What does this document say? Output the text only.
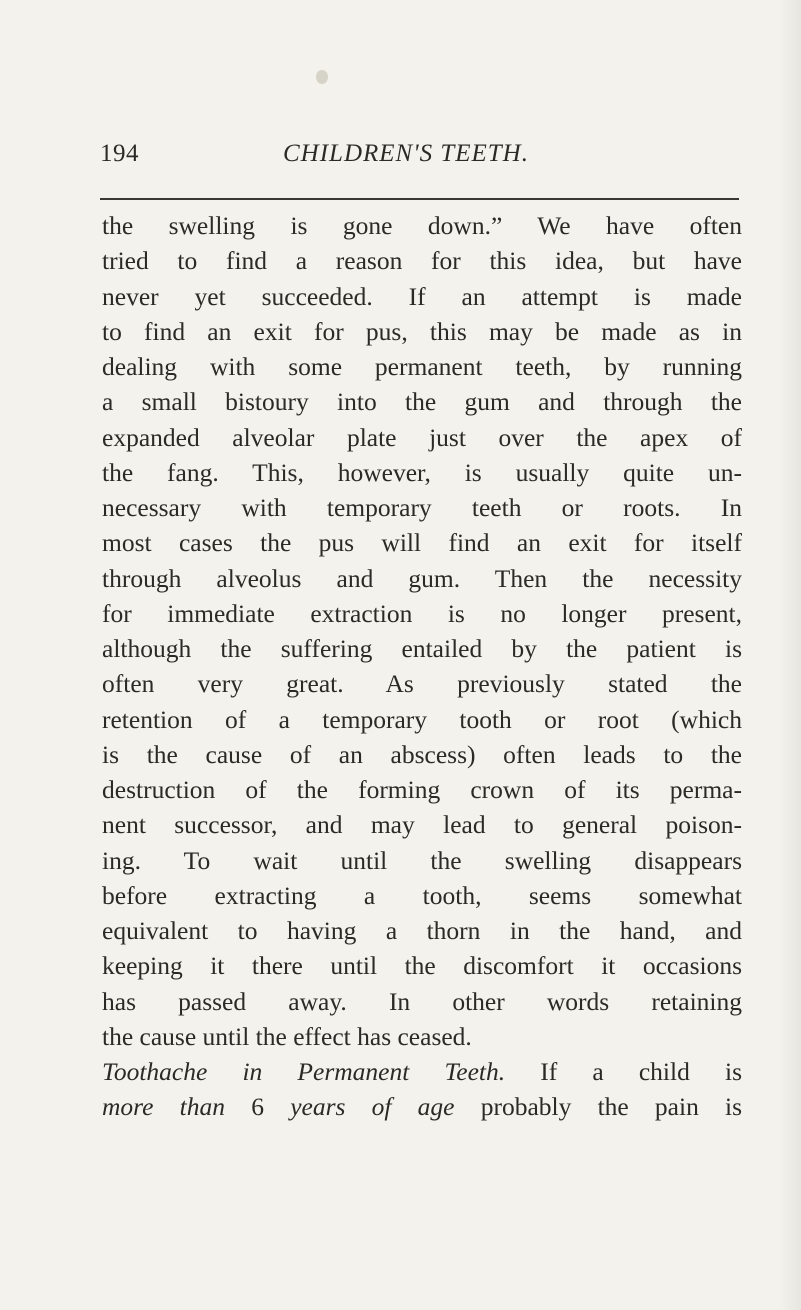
194	CHILDREN'S TEETH.
the swelling is gone down.” We have often
tried to find a reason for this idea, but have
never yet succeeded. If an attempt is made
to find an exit for pus, this may be made as in
dealing with some permanent teeth, by running
a small bistoury into the gum and through the
expanded alveolar plate just over the apex of
the fang. This, however, is usually quite un-
necessary with temporary teeth or roots. In
most cases the pus will find an exit for itself
through alveolus and gum. Then the necessity
for immediate extraction is no longer present,
although the suffering entailed by the patient is
often very great. As previously stated the
retention of a temporary tooth or root (which
is the cause of an abscess) often leads to the
destruction of the forming crown of its perma-
nent successor, and may lead to general poison-
ing. To wait until the swelling disappears
before extracting a tooth, seems somewhat
equivalent to having a thorn in the hand, and
keeping it there until the discomfort it occasions
has passed away. In other words retaining
the cause until the effect has ceased.
Toothache in Permanent Teeth. If a child is
more than 6 years of age probably the pain is
